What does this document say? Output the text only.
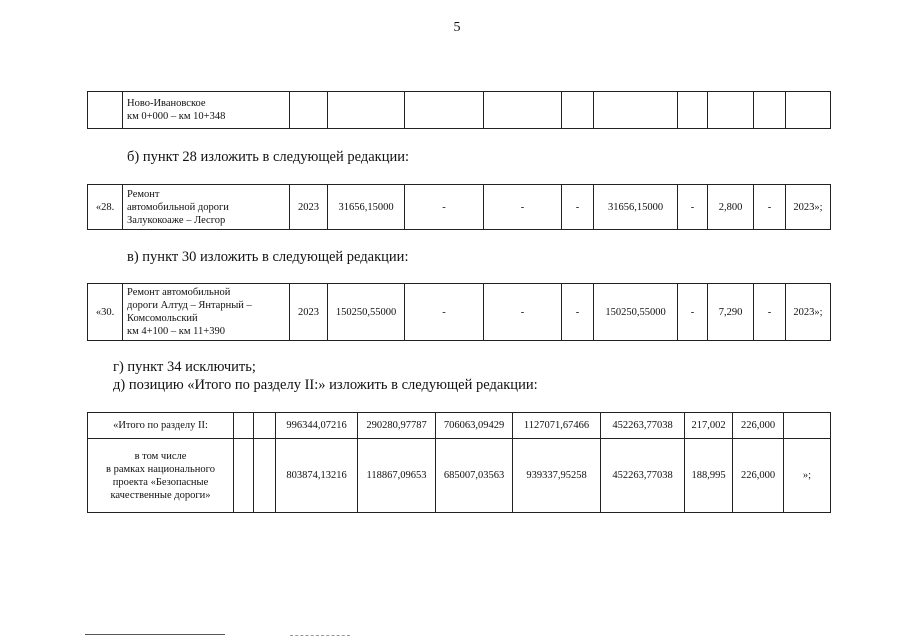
5

Ново-Ивановское
км 0+000 – км 10+348

б) пункт 28 изложить в следующей редакции:
«28.	
Ремонт
автомобильной дороги
Залукокоаже – Лесгор
	2023	31656,15000	-	-	-	31656,15000	-	2,800	-	2023»;
в) пункт 30 изложить в следующей редакции:
«30.	
Ремонт автомобильной
дороги Алтуд – Янтарный –
Комсомольский
км 4+100 – км 11+390
	2023	150250,55000	-	-	-	150250,55000	-	7,290	-	2023»;
г) пункт 34 исключить;
д) позицию «Итого по разделу II:» изложить в следующей редакции:
«Итого по разделу II:			996344,07216	290280,97787	706063,09429	1127071,67466	452263,77038	217,002	226,000	

в том числе
в рамках национального
проекта «Безопасные
качественные дороги»			803874,13216	118867,09653	685007,03563	939337,95258	452263,77038	188,995	226,000	»;
